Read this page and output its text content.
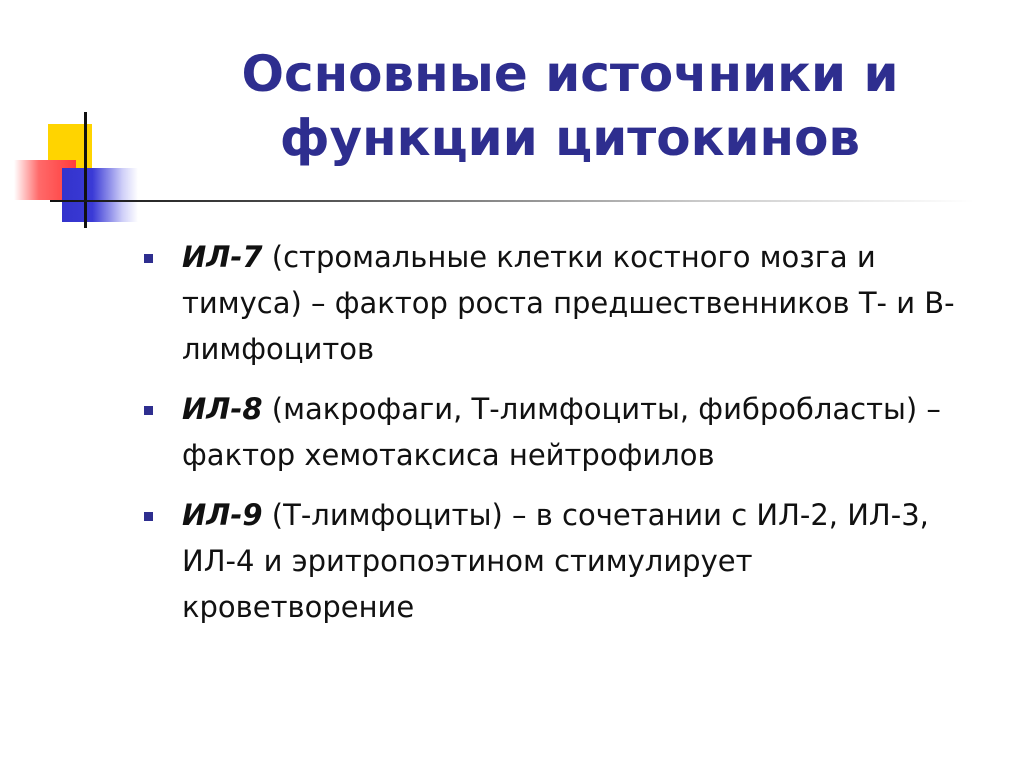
Основные источники и
функции цитокинов
ИЛ-7 (стромальные клетки костного мозга и тимуса) – фактор роста предшественников Т- и В-лимфоцитов
ИЛ-8 (макрофаги, Т-лимфоциты, фибробласты) – фактор хемотаксиса нейтрофилов
ИЛ-9 (Т-лимфоциты) – в сочетании с ИЛ-2, ИЛ-3, ИЛ-4 и эритропоэтином стимулирует кроветворение
